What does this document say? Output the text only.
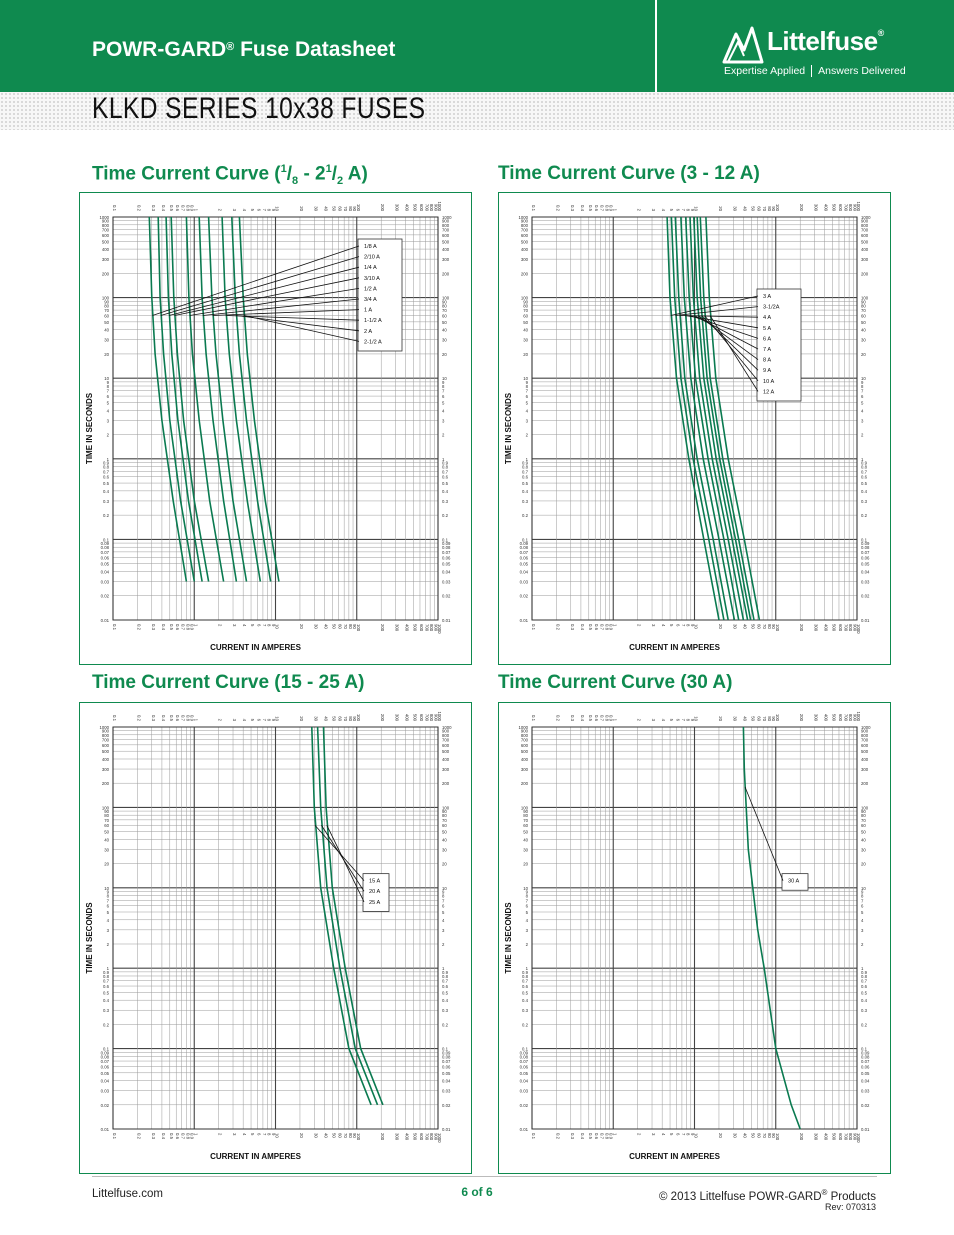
POWR-GARD® Fuse Datasheet	Littelfuse®
Expertise Applied Answers Delivered
KLKD SERIES 10x38 FUSES
Time Current Curve ($^1/_8 - 2^1/_2$ A)	Time Current Curve (3 - 12 A)
Time Current Curve (15 - 25 A)	Time Current Curve (30 A)
0.01	0.01
0.02	0.02
0.03	0.03
0.04	0.04
0.05	0.05
0.06	0.06
0.07	0.07
0.08	0.08
0.09	0.09
0.1	0.1
0.2	0.2
0.3	0.3
0.4	0.4
0.5	0.5
0.6	0.6
0.7	0.7
0.8	0.8
0.9	0.9
1	1
2	2
3	3
4	4
5	5
6	6
7	7
8	8
9	9
10	10
20	20
30	30
40	40
50	50
60	60
70	70
80	80
90	90
100	100
200	200
300	300
400	400
500	500
600	600
700	700
800	800
900	900
1000	1000
0.1
0.1
0.2
0.2
0.3
0.3
0.4
0.4
0.5
0.5
0.6
0.6
0.7
0.7
0.8
0.8
0.9
0.9
1
1
2
2
3
3
4
4
5
5
6
6
7
7
8
8
9
9
10
10
20
20
30
30
40
40
50
50
60
60
70
70
80
80
90
90
100
100
200
200
300
300
400
400
500
500
600
600
700
700
800
800
900
900
1000
1000
CURRENT IN AMPERES
TIME IN SECONDS
1/8 A
2/10 A
1/4 A
3/10 A
1/2 A
3/4 A
1 A
1-1/2 A
2 A
2-1/2 A
0.01	0.01
0.02	0.02
0.03	0.03
0.04	0.04
0.05	0.05
0.06	0.06
0.07	0.07
0.08	0.08
0.09	0.09
0.1	0.1
0.2	0.2
0.3	0.3
0.4	0.4
0.5	0.5
0.6	0.6
0.7	0.7
0.8	0.8
0.9	0.9
1	1
2	2
3	3
4	4
5	5
6	6
7	7
8	8
9	9
10	10
20	20
30	30
40	40
50	50
60	60
70	70
80	80
90	90
100	100
200	200
300	300
400	400
500	500
600	600
700	700
800	800
900	900
1000	1000
0.1
0.1
0.2
0.2
0.3
0.3
0.4
0.4
0.5
0.5
0.6
0.6
0.7
0.7
0.8
0.8
0.9
0.9
1
1
2
2
3
3
4
4
5
5
6
6
7
7
8
8
9
9
10
10
20
20
30
30
40
40
50
50
60
60
70
70
80
80
90
90
100
100
200
200
300
300
400
400
500
500
600
600
700
700
800
800
900
900
1000
1000
CURRENT IN AMPERES
TIME IN SECONDS
3 A
3-1/2A
4 A
5 A
6 A
7 A
8 A
9 A
10 A
12 A
0.01	0.01
0.02	0.02
0.03	0.03
0.04	0.04
0.05	0.05
0.06	0.06
0.07	0.07
0.08	0.08
0.09	0.09
0.1	0.1
0.2	0.2
0.3	0.3
0.4	0.4
0.5	0.5
0.6	0.6
0.7	0.7
0.8	0.8
0.9	0.9
1	1
2	2
3	3
4	4
5	5
6	6
7	7
8	8
9	9
10	10
20	20
30	30
40	40
50	50
60	60
70	70
80	80
90	90
100	100
200	200
300	300
400	400
500	500
600	600
700	700
800	800
900	900
1000	1000
0.1
0.1
0.2
0.2
0.3
0.3
0.4
0.4
0.5
0.5
0.6
0.6
0.7
0.7
0.8
0.8
0.9
0.9
1
1
2
2
3
3
4
4
5
5
6
6
7
7
8
8
9
9
10
10
20
20
30
30
40
40
50
50
60
60
70
70
80
80
90
90
100
100
200
200
300
300
400
400
500
500
600
600
700
700
800
800
900
900
1000
1000
CURRENT IN AMPERES
TIME IN SECONDS
15 A
20 A
25 A
0.01	0.01
0.02	0.02
0.03	0.03
0.04	0.04
0.05	0.05
0.06	0.06
0.07	0.07
0.08	0.08
0.09	0.09
0.1	0.1
0.2	0.2
0.3	0.3
0.4	0.4
0.5	0.5
0.6	0.6
0.7	0.7
0.8	0.8
0.9	0.9
1	1
2	2
3	3
4	4
5	5
6	6
7	7
8	8
9	9
10	10
20	20
30	30
40	40
50	50
60	60
70	70
80	80
90	90
100	100
200	200
300	300
400	400
500	500
600	600
700	700
800	800
900	900
1000	1000
0.1
0.1
0.2
0.2
0.3
0.3
0.4
0.4
0.5
0.5
0.6
0.6
0.7
0.7
0.8
0.8
0.9
0.9
1
1
2
2
3
3
4
4
5
5
6
6
7
7
8
8
9
9
10
10
20
20
30
30
40
40
50
50
60
60
70
70
80
80
90
90
100
100
200
200
300
300
400
400
500
500
600
600
700
700
800
800
900
900
1000
1000
CURRENT IN AMPERES
TIME IN SECONDS
30 A
Littelfuse.com	6 of 6	© 2013 Littelfuse POWR-GARD® Products
Rev: 070313
